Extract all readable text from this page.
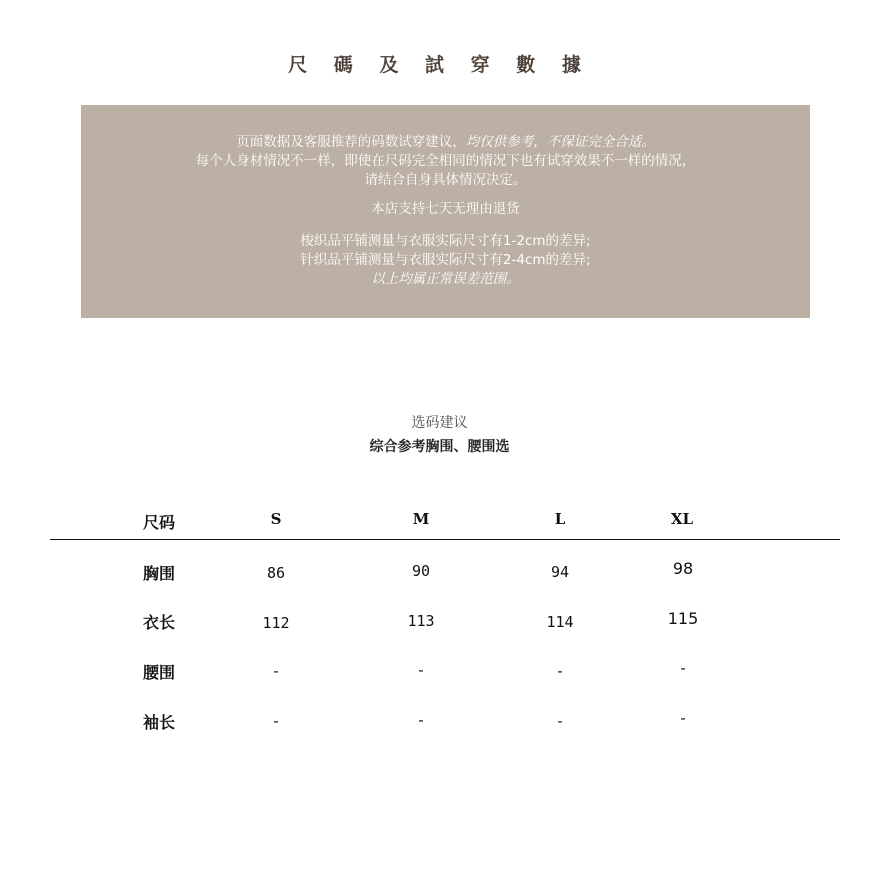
尺 碼 及 試 穿 數 據
页面数据及客服推荐的码数试穿建议，均仅供参考，不保证完全合适。
每个人身材情况不一样，即使在尺码完全相同的情况下也有试穿效果不一样的情况，
请结合自身具体情况决定。
本店支持七天无理由退货
梭织品平铺测量与衣服实际尺寸有1-2cm的差异;
针织品平铺测量与衣服实际尺寸有2-4cm的差异;
以上均属正常误差范围。
选码建议
综合参考胸围、腰围选
尺码	S	M	L	XL
胸围	86	90	94	98
衣长	112	113	114	115
腰围	-	-	-	-
袖长	-	-	-	-
